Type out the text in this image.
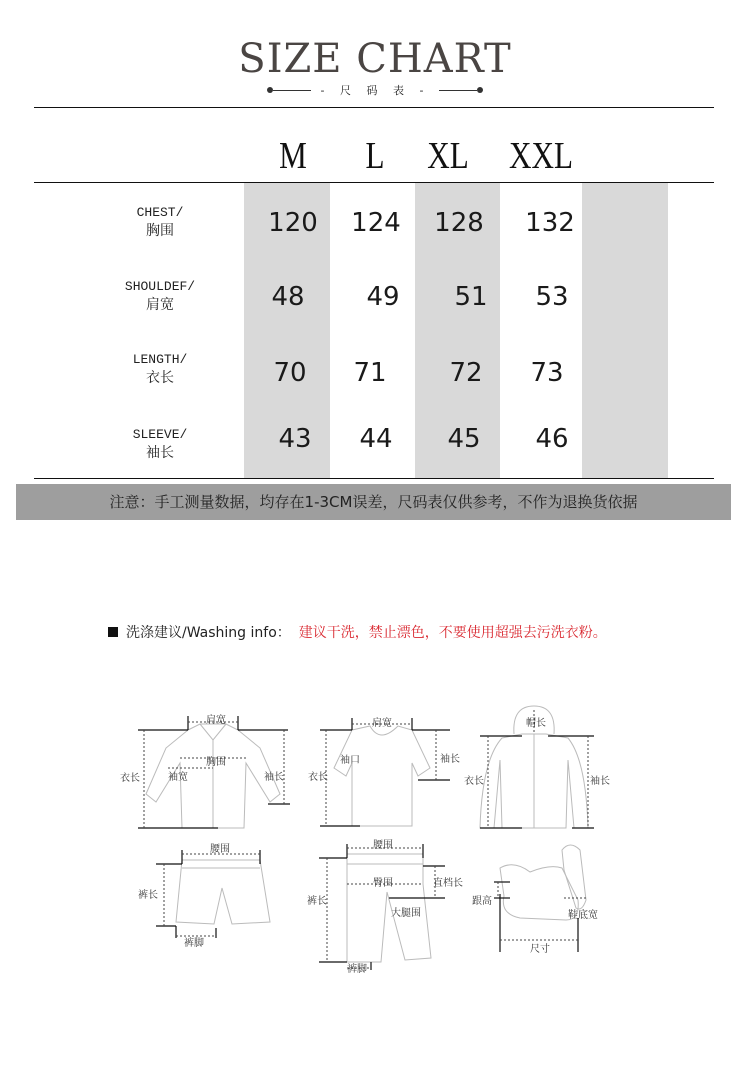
SIZE CHART
- 尺 码 表 -
M	L	XL	XXL
CHEST/
胸围	120	124	128	132
SHOULDEF/
肩宽	48	49	51	53
LENGTH/
衣长	70	71	72	73
SLEEVE/
袖长	43	44	45	46
注意：手工测量数据，均存在1-3CM误差，尺码表仅供参考，不作为退换货依据
洗涤建议/Washing info： 建议干洗，禁止漂色，不要使用超强去污洗衣粉。
肩宽
胸围
袖宽
衣长	袖长
肩宽
袖口
衣长
袖长
帽长
衣长	袖长
腰围
裤长
裤脚
腰围
臀围	直档长
大腿围
裤长
裤脚
跟高
鞋底宽
尺寸
